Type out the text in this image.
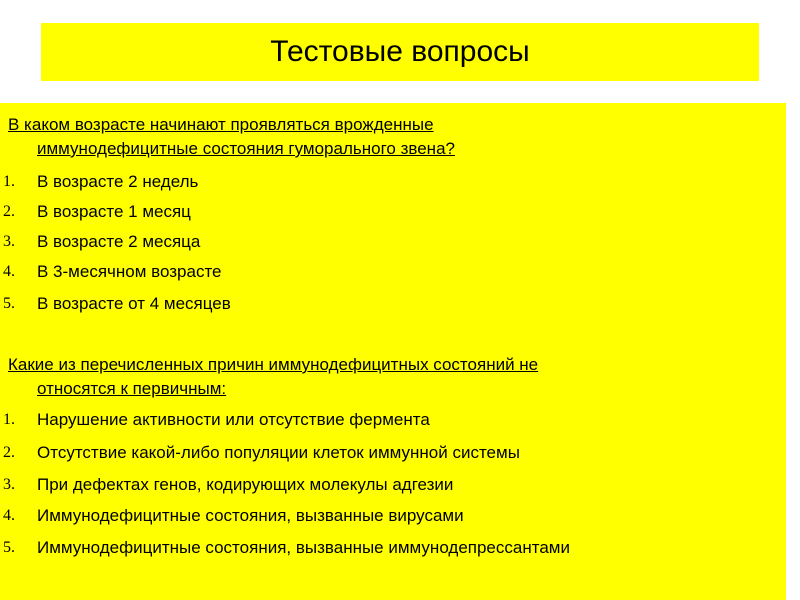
Тестовые вопросы
В каком возрасте начинают проявляться врожденные
иммунодефицитные состояния гуморального звена?
1.	В возрасте 2 недель
2.	В возрасте 1 месяц
3.	В возрасте 2 месяца
4.	В 3-месячном возрасте
5.	В возрасте от 4 месяцев
Какие из перечисленных причин иммунодефицитных состояний не
относятся к первичным:
1.	Нарушение активности или отсутствие фермента
2.	Отсутствие какой-либо популяции клеток иммунной системы
3.	При дефектах генов, кодирующих молекулы адгезии
4.	Иммунодефицитные состояния, вызванные вирусами
5.	Иммунодефицитные состояния, вызванные иммунодепрессантами
